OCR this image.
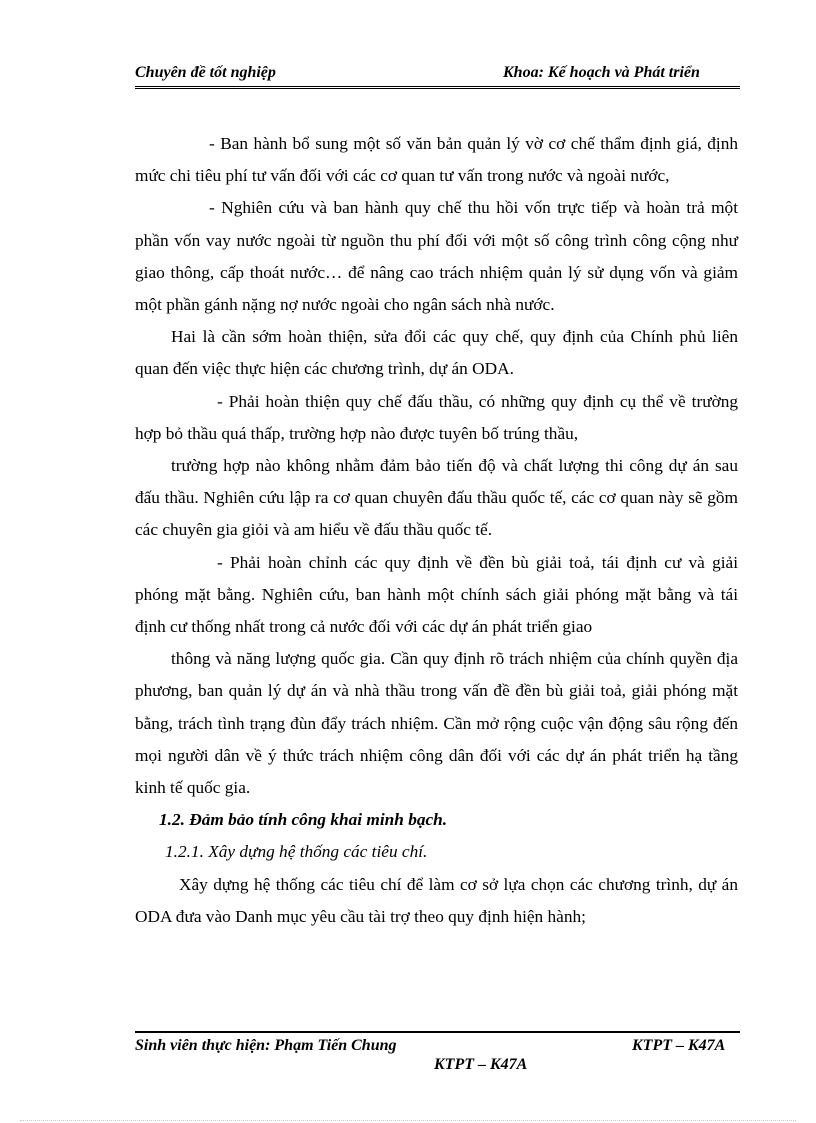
Chuyên đề tốt nghiệp	Khoa: Kế hoạch và Phát triển

- Ban hành bổ sung một số văn bản quản lý vờ cơ chế thẩm định giá, định mức chi tiêu phí tư vấn đối với các cơ quan tư vấn trong nước và ngoài nước,

- Nghiên cứu và ban hành quy chế thu hồi vốn trực tiếp và hoàn trả một phần vốn vay nước ngoài từ nguồn thu phí đối với một số công trình công cộng như giao thông, cấp thoát nước… để nâng cao trách nhiệm quản lý sử dụng vốn và giảm một phần gánh nặng nợ nước ngoài cho ngân sách nhà nước.

Hai là cần sớm hoàn thiện, sửa đổi các quy chế, quy định của Chính phủ liên quan đến việc thực hiện các chương trình, dự án ODA.

- Phải hoàn thiện quy chế đấu thầu, có những quy định cụ thể về trường hợp bỏ thầu quá thấp, trường hợp nào được tuyên bố trúng thầu,

trường hợp nào không nhằm đảm bảo tiến độ và chất lượng thi công dự án sau đấu thầu. Nghiên cứu lập ra cơ quan chuyên đấu thầu quốc tế, các cơ quan này sẽ gồm các chuyên gia giỏi và am hiểu về đấu thầu quốc tế.

- Phải hoàn chỉnh các quy định về đền bù giải toả, tái định cư và giải phóng mặt bằng. Nghiên cứu, ban hành một chính sách giải phóng mặt bằng và tái định cư thống nhất trong cả nước đối với các dự án phát triển giao

thông và năng lượng quốc gia. Cần quy định rõ trách nhiệm của chính quyền địa phương, ban quản lý dự án và nhà thầu trong vấn đề đền bù giải toả, giải phóng mặt bằng, trách tình trạng đùn đẩy trách nhiệm. Cần mở rộng cuộc vận động sâu rộng đến mọi người dân về ý thức trách nhiệm công dân đối với các dự án phát triển hạ tầng kinh tế quốc gia.

1.2. Đảm bảo tính công khai minh bạch.

1.2.1. Xây dựng hệ thống các tiêu chí.

Xây dựng hệ thống các tiêu chí để làm cơ sở lựa chọn các chương trình, dự án ODA đưa vào Danh mục yêu cầu tài trợ theo quy định hiện hành;

Sinh viên thực hiện: Phạm Tiến Chung	KTPT – K47A
KTPT – K47A
